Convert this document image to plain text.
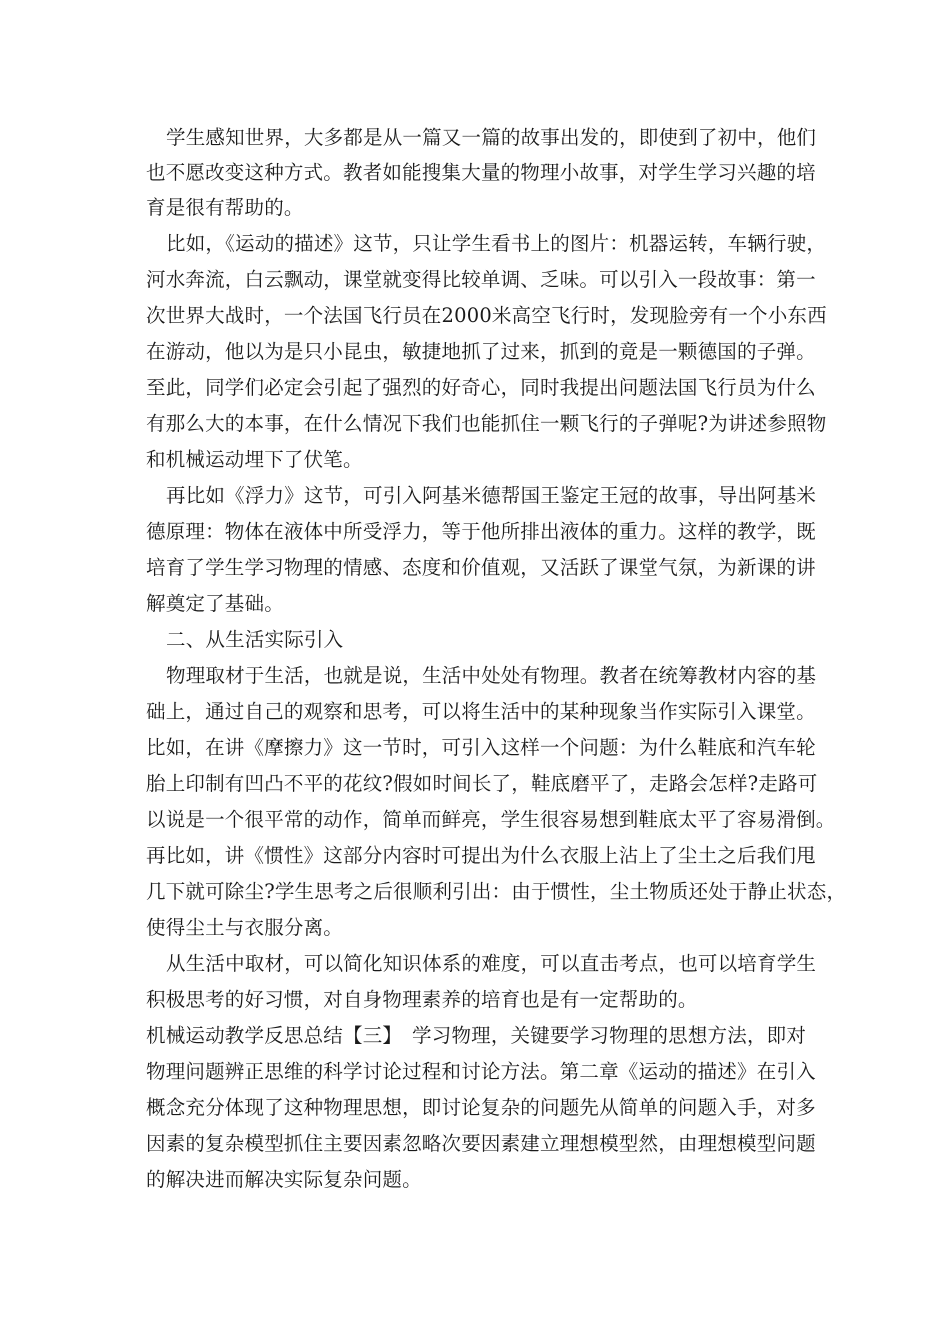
学生感知世界，大多都是从一篇又一篇的故事出发的，即使到了初中，他们
也不愿改变这种方式。教者如能搜集大量的物理小故事，对学生学习兴趣的培
育是很有帮助的。
比如，《运动的描述》这节，只让学生看书上的图片：机器运转，车辆行驶，
河水奔流，白云飘动，课堂就变得比较单调、乏味。可以引入一段故事：第一
次世界大战时，一个法国飞行员在2000米高空飞行时，发现脸旁有一个小东西
在游动，他以为是只小昆虫，敏捷地抓了过来，抓到的竟是一颗德国的子弹。
至此，同学们必定会引起了强烈的好奇心，同时我提出问题法国飞行员为什么
有那么大的本事，在什么情况下我们也能抓住一颗飞行的子弹呢?为讲述参照物
和机械运动埋下了伏笔。
再比如《浮力》这节，可引入阿基米德帮国王鉴定王冠的故事，导出阿基米
德原理：物体在液体中所受浮力，等于他所排出液体的重力。这样的教学，既
培育了学生学习物理的情感、态度和价值观，又活跃了课堂气氛，为新课的讲
解奠定了基础。
二、从生活实际引入
物理取材于生活，也就是说，生活中处处有物理。教者在统筹教材内容的基
础上，通过自己的观察和思考，可以将生活中的某种现象当作实际引入课堂。
比如，在讲《摩擦力》这一节时，可引入这样一个问题：为什么鞋底和汽车轮
胎上印制有凹凸不平的花纹?假如时间长了，鞋底磨平了，走路会怎样?走路可
以说是一个很平常的动作，简单而鲜亮，学生很容易想到鞋底太平了容易滑倒。
再比如，讲《惯性》这部分内容时可提出为什么衣服上沾上了尘土之后我们甩
几下就可除尘?学生思考之后很顺利引出：由于惯性，尘土物质还处于静止状态，
使得尘土与衣服分离。
从生活中取材，可以简化知识体系的难度，可以直击考点，也可以培育学生
积极思考的好习惯，对自身物理素养的培育也是有一定帮助的。
机械运动教学反思总结【三】　学习物理，关键要学习物理的思想方法，即对
物理问题辨正思维的科学讨论过程和讨论方法。第二章《运动的描述》在引入
概念充分体现了这种物理思想，即讨论复杂的问题先从简单的问题入手，对多
因素的复杂模型抓住主要因素忽略次要因素建立理想模型然，由理想模型问题
的解决进而解决实际复杂问题。
